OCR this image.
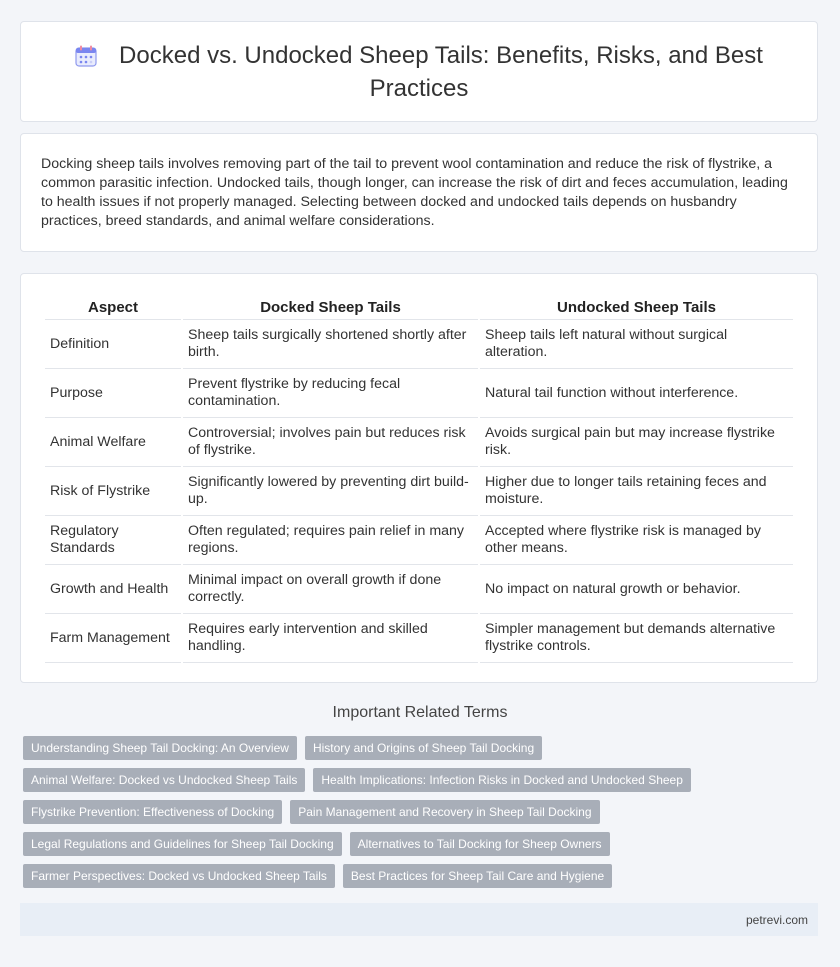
Docked vs. Undocked Sheep Tails: Benefits, Risks, and Best Practices

Docking sheep tails involves removing part of the tail to prevent wool contamination and reduce the risk of flystrike, a common parasitic infection. Undocked tails, though longer, can increase the risk of dirt and feces accumulation, leading to health issues if not properly managed. Selecting between docked and undocked tails depends on husbandry practices, breed standards, and animal welfare considerations.

Aspect	Docked Sheep Tails	Undocked Sheep Tails
Definition	Sheep tails surgically shortened shortly after birth.	Sheep tails left natural without surgical alteration.
Purpose	Prevent flystrike by reducing fecal contamination.	Natural tail function without interference.
Animal Welfare	Controversial; involves pain but reduces risk of flystrike.	Avoids surgical pain but may increase flystrike risk.
Risk of Flystrike	Significantly lowered by preventing dirt build-up.	Higher due to longer tails retaining feces and moisture.
Regulatory Standards	Often regulated; requires pain relief in many regions.	Accepted where flystrike risk is managed by other means.
Growth and Health	Minimal impact on overall growth if done correctly.	No impact on natural growth or behavior.
Farm Management	Requires early intervention and skilled handling.	Simpler management but demands alternative flystrike controls.
Important Related Terms
Understanding Sheep Tail Docking: An Overview	History and Origins of Sheep Tail Docking
Animal Welfare: Docked vs Undocked Sheep Tails	Health Implications: Infection Risks in Docked and Undocked Sheep
Flystrike Prevention: Effectiveness of Docking	Pain Management and Recovery in Sheep Tail Docking
Legal Regulations and Guidelines for Sheep Tail Docking	Alternatives to Tail Docking for Sheep Owners
Farmer Perspectives: Docked vs Undocked Sheep Tails	Best Practices for Sheep Tail Care and Hygiene
petrevi.com
